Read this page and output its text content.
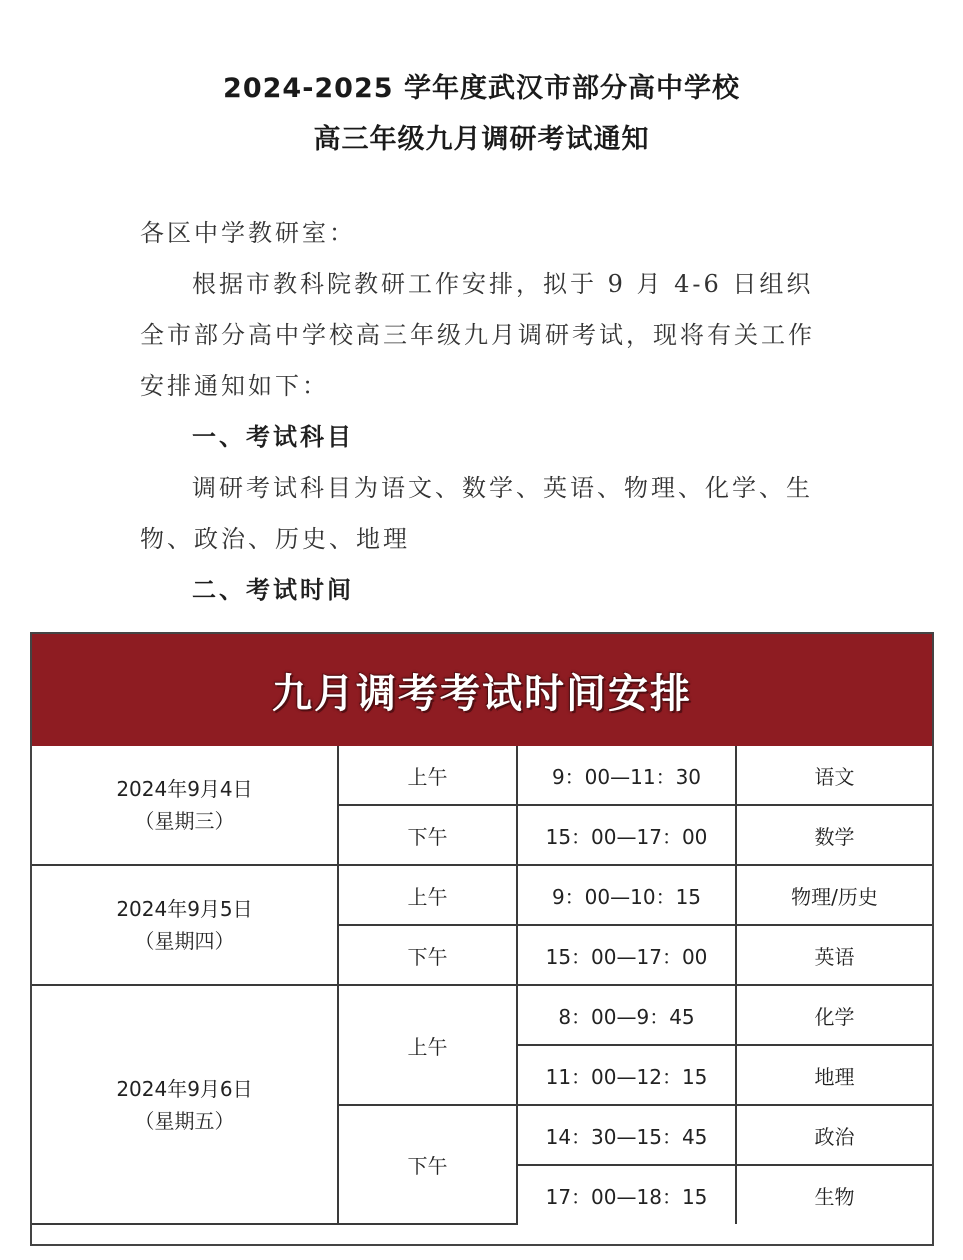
2024-2025 学年度武汉市部分高中学校
高三年级九月调研考试通知

各区中学教研室：

根据市教科院教研工作安排，拟于 9 月 4-6 日组织全市部分高中学校高三年级九月调研考试，现将有关工作安排通知如下：

一、考试科目

调研考试科目为语文、数学、英语、物理、化学、生物、政治、历史、地理

二、考试时间

九月调考考试时间安排
2024年9月4日
（星期三）	上午	9：00—11：30	语文
	下午	15：00—17：00	数学

2024年9月5日
（星期四）	上午	9：00—10：15	物理/历史
	下午	15：00—17：00	英语

2024年9月6日
（星期五）	上午	8：00—9：45	化学
		11：00—12：15	地理
	下午	14：30—15：45	政治
		17：00—18：15	生物
